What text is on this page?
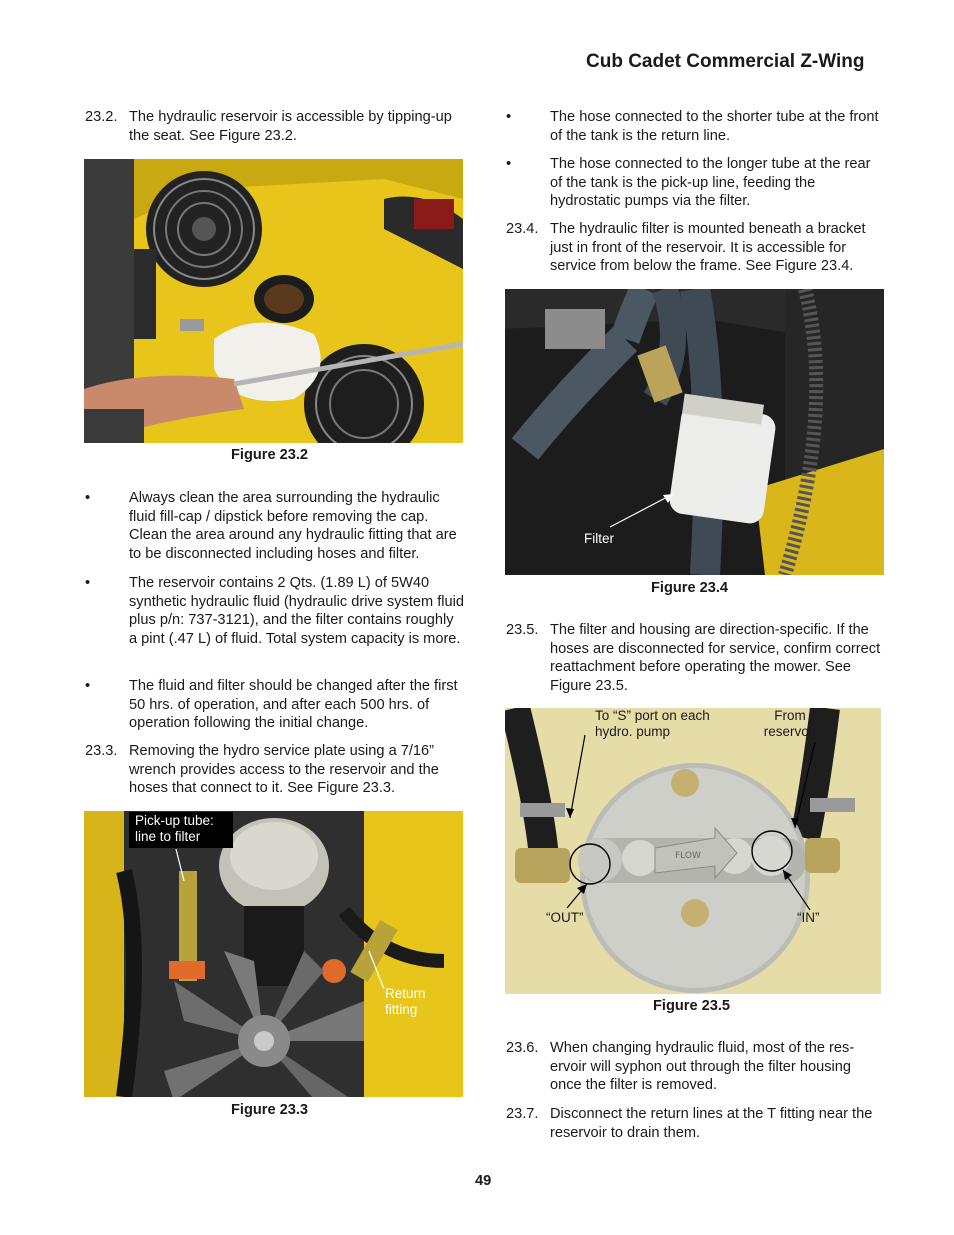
Cub Cadet Commercial Z-Wing
23.2. The hydraulic reservoir is accessible by tipping-up the seat. See Figure 23.2.
Figure 23.2
•	Always clean the area surrounding the hydraulic fluid fill-cap / dipstick before removing the cap. Clean the area around any hydraulic fitting that are to be disconnected including hoses and filter.
•	The reservoir contains 2 Qts. (1.89 L) of 5W40 synthetic hydraulic fluid (hydraulic drive system fluid plus p/n: 737-3121), and the filter contains roughly a pint (.47 L) of fluid. Total system capacity is more.
•	The fluid and filter should be changed after the first 50 hrs. of operation, and after each 500 hrs. of operation following the initial change.
23.3. Removing the hydro service plate using a 7/16” wrench provides access to the reservoir and the hoses that connect to it. See Figure 23.3.
Pick-up tube: line to filter
Return fitting
Figure 23.3
•	The hose connected to the shorter tube at the front of the tank is the return line.
•	The hose connected to the longer tube at the rear of the tank is the pick-up line, feeding the hydrostatic pumps via the filter.
23.4. The hydraulic filter is mounted beneath a bracket just in front of the reservoir. It is accessible for service from below the frame. See Figure 23.4.
Filter
Figure 23.4
23.5. The filter and housing are direction-specific. If the hoses are disconnected for service, confirm correct reattachment before operating the mower. See Figure 23.5.
FLOW
To “S” port on each hydro. pump
From reservoir
“OUT”	“IN”
Figure 23.5
23.6. When changing hydraulic fluid, most of the res-ervoir will syphon out through the filter housing once the filter is removed.
23.7. Disconnect the return lines at the T fitting near the reservoir to drain them.
49
